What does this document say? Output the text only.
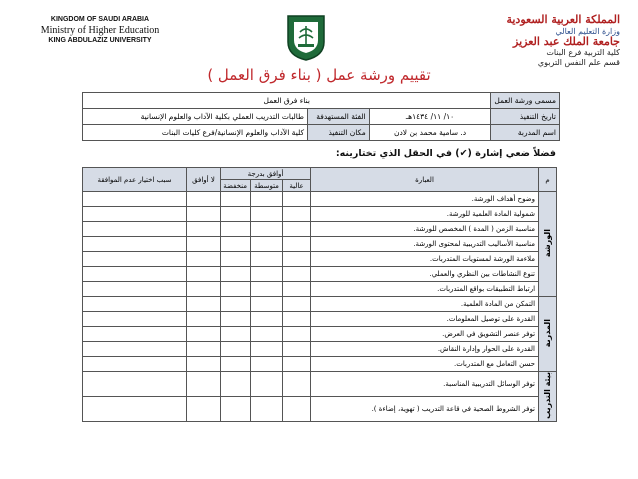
KINGDOM OF SAUDI ARABIA
Ministry of Higher Education
KING ABDULAZIZ UNIVERSITY
المملكة العربية السعودية
وزارة التعليم العالي
جامعة الملك عبد العزيز
كلية التربية فرع البنات
قسم علم النفس التربوي
تقييم ورشة عمل ( بناء فرق العمل )
مسمى ورشة العمل	بناء فرق العمل		
تاريخ التنفيذ	١٠/ ١١/ ١٤٣٤هـ	الفئة المستهدفة	طالبات التدريب العملي بكلية الآداب والعلوم الإنسانية
اسم المدربة	د. سامية محمد بن لادن	مكان التنفيذ	كلية الآداب والعلوم الإنسانية/فرع كليات البنات
فضلاً ضعي إشارة (✔) في الحقل الذي تختارينه:
م	العبارة	أوافق بدرجة			لا أوافق	سبب اختيار عدم الموافقة
		عالية	متوسطة	منخفضة		
الورشة	وضوح أهداف الورشة.					
	شمولية المادة العلمية للورشة.					
	مناسبة الزمن ( المدة ) المخصص للورشة.					
	مناسبة الأساليب التدريبية لمحتوى الورشة.					
	ملاءمة الورشة لمستويات المتدربات.					
	تنوع النشاطات بين النظري والعملي.					
	ارتباط التطبيقات بواقع المتدربات.					
المدربة	التمكن من المادة العلمية.					
	القدرة على توصيل المعلومات.					
	توفر عنصر التشويق في العرض.					
	القدرة على الحوار وإدارة النقاش.					
	حسن التعامل مع المتدربات.					
بيئة التدريب	توفر الوسائل التدريبية المناسبة.					
	توفر الشروط الصحية في قاعة التدريب ( تهوية، إضاءة ).					
